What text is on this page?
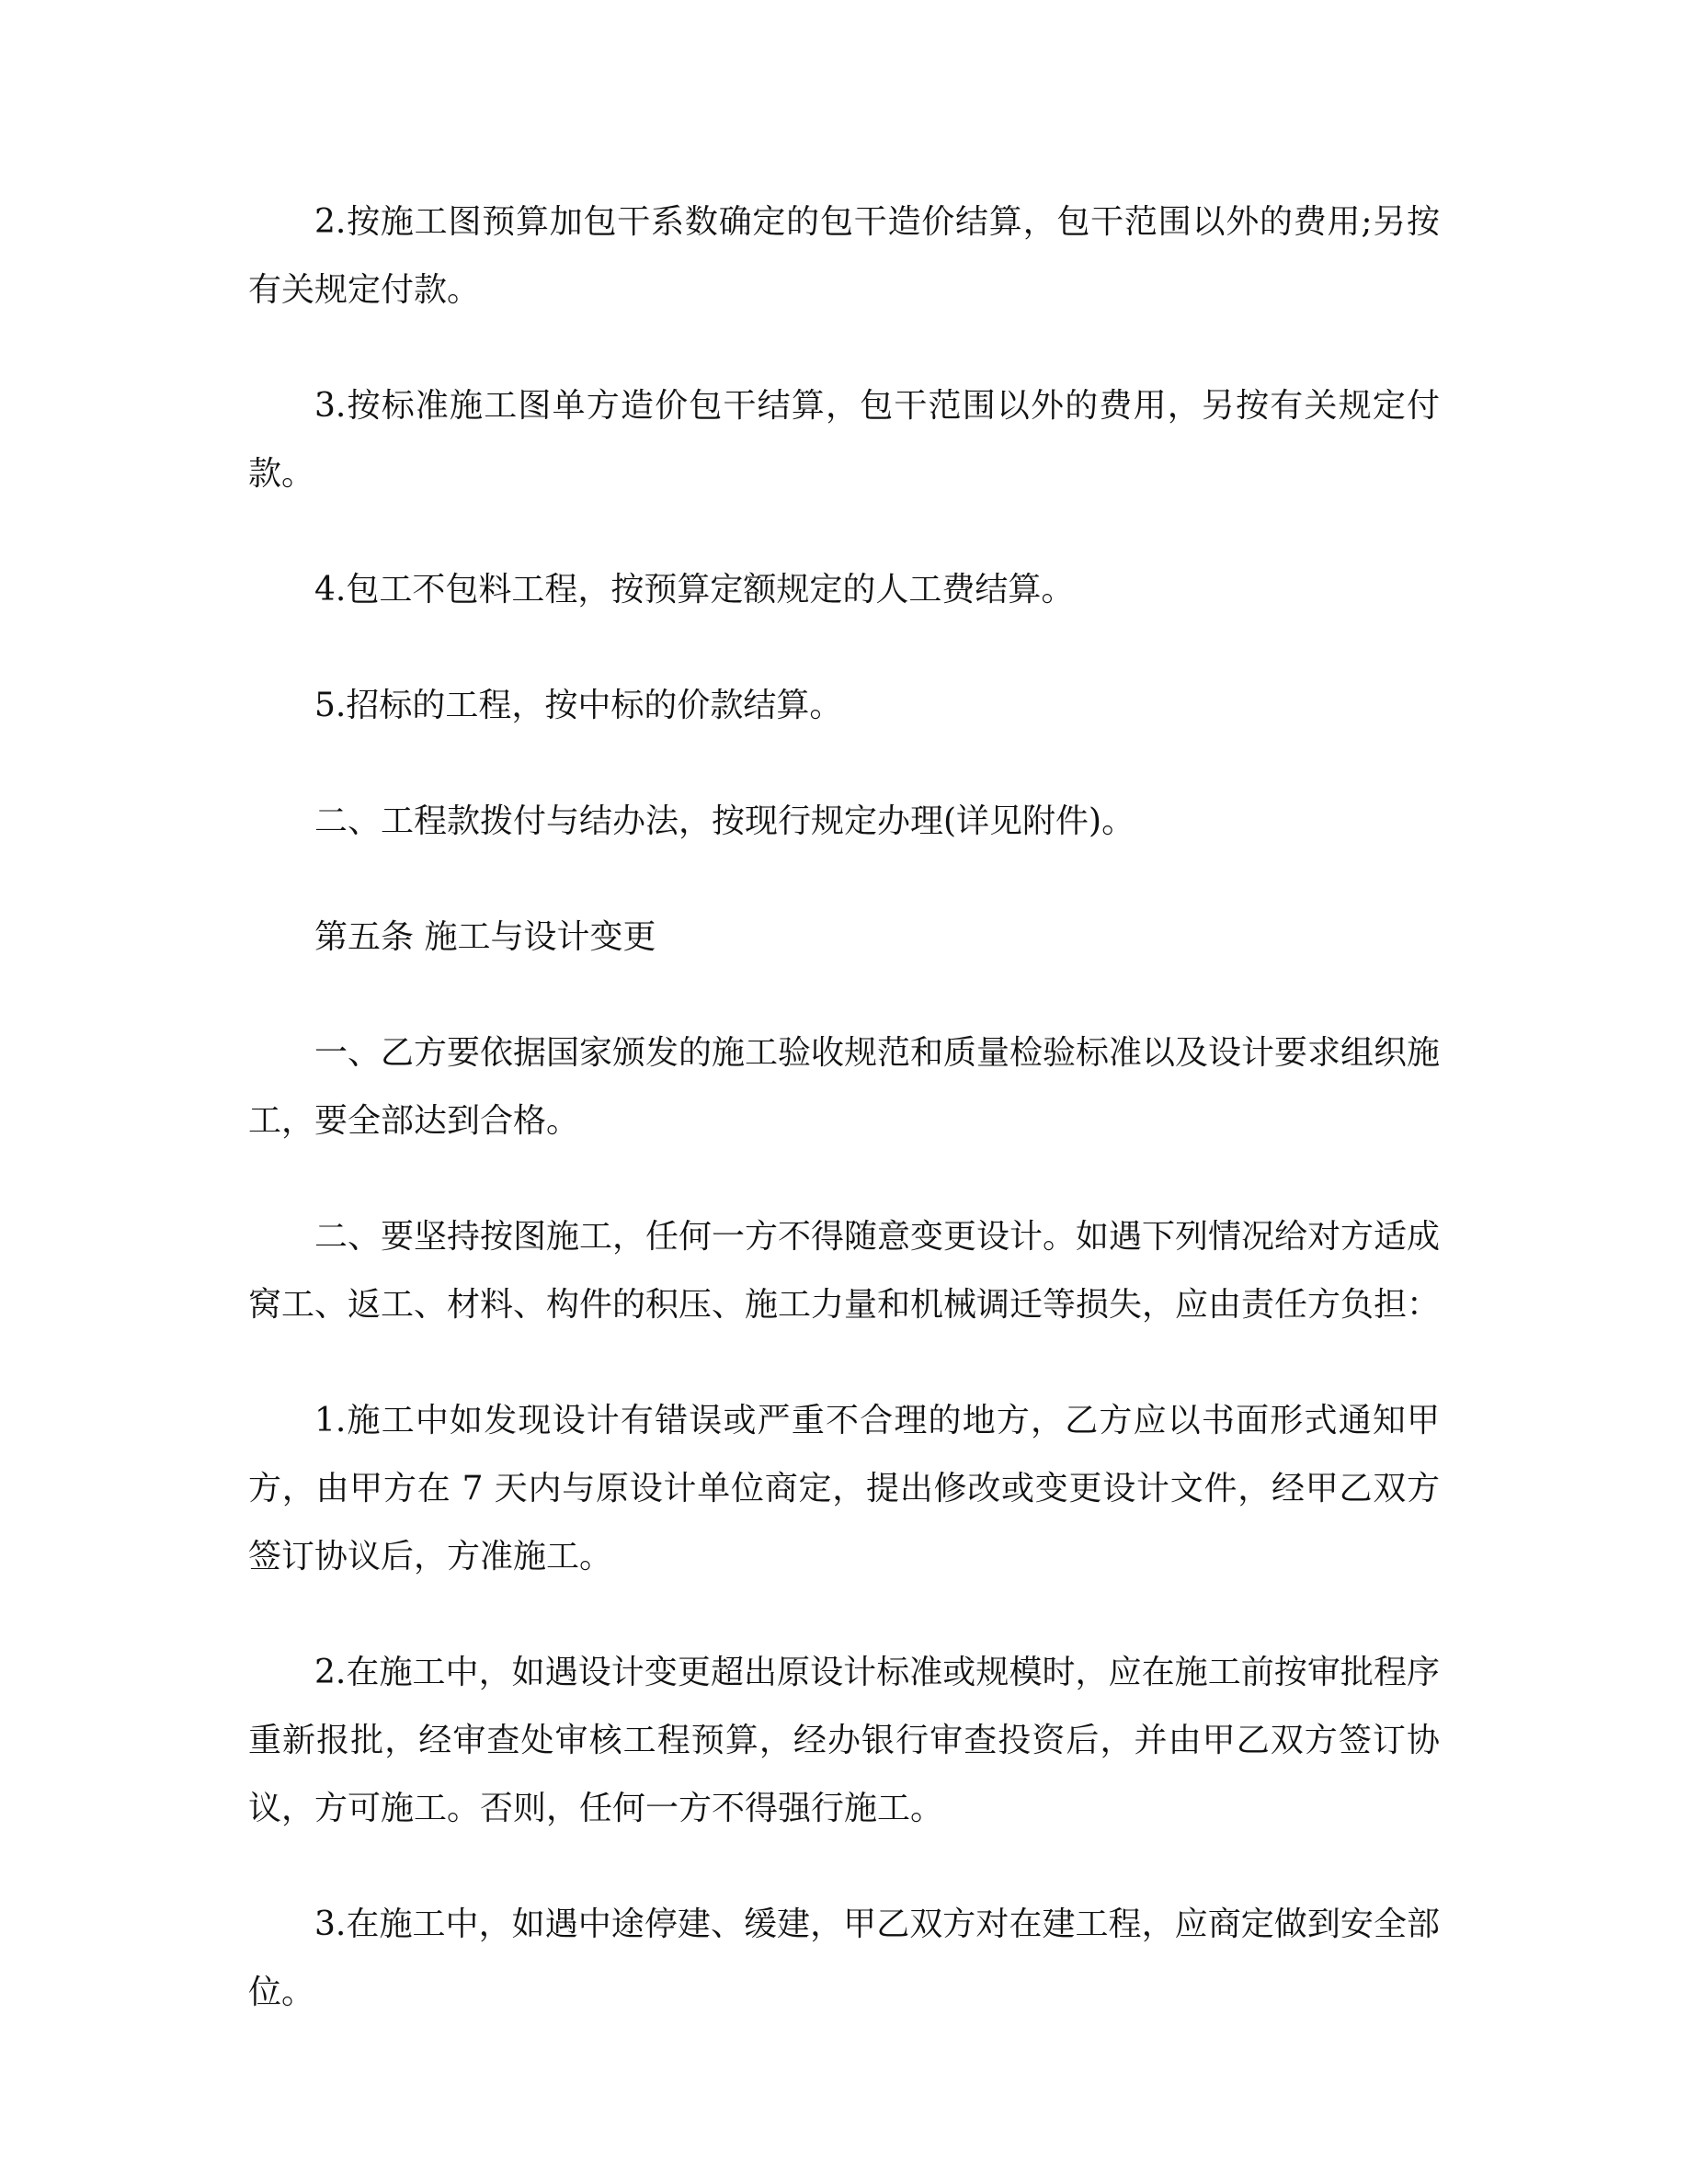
2.按施工图预算加包干系数确定的包干造价结算，包干范围以外的费用;另按有关规定付款。

3.按标准施工图单方造价包干结算，包干范围以外的费用，另按有关规定付款。

4.包工不包料工程，按预算定额规定的人工费结算。

5.招标的工程，按中标的价款结算。

二、工程款拨付与结办法，按现行规定办理(详见附件)。

第五条 施工与设计变更

一、乙方要依据国家颁发的施工验收规范和质量检验标准以及设计要求组织施工，要全部达到合格。

二、要坚持按图施工，任何一方不得随意变更设计。如遇下列情况给对方适成窝工、返工、材料、构件的积压、施工力量和机械调迁等损失，应由责任方负担：

1.施工中如发现设计有错误或严重不合理的地方，乙方应以书面形式通知甲方，由甲方在 7 天内与原设计单位商定，提出修改或变更设计文件，经甲乙双方签订协议后，方准施工。

2.在施工中，如遇设计变更超出原设计标准或规模时，应在施工前按审批程序重新报批，经审查处审核工程预算，经办银行审查投资后，并由甲乙双方签订协议，方可施工。否则，任何一方不得强行施工。

3.在施工中，如遇中途停建、缓建，甲乙双方对在建工程，应商定做到安全部位。
